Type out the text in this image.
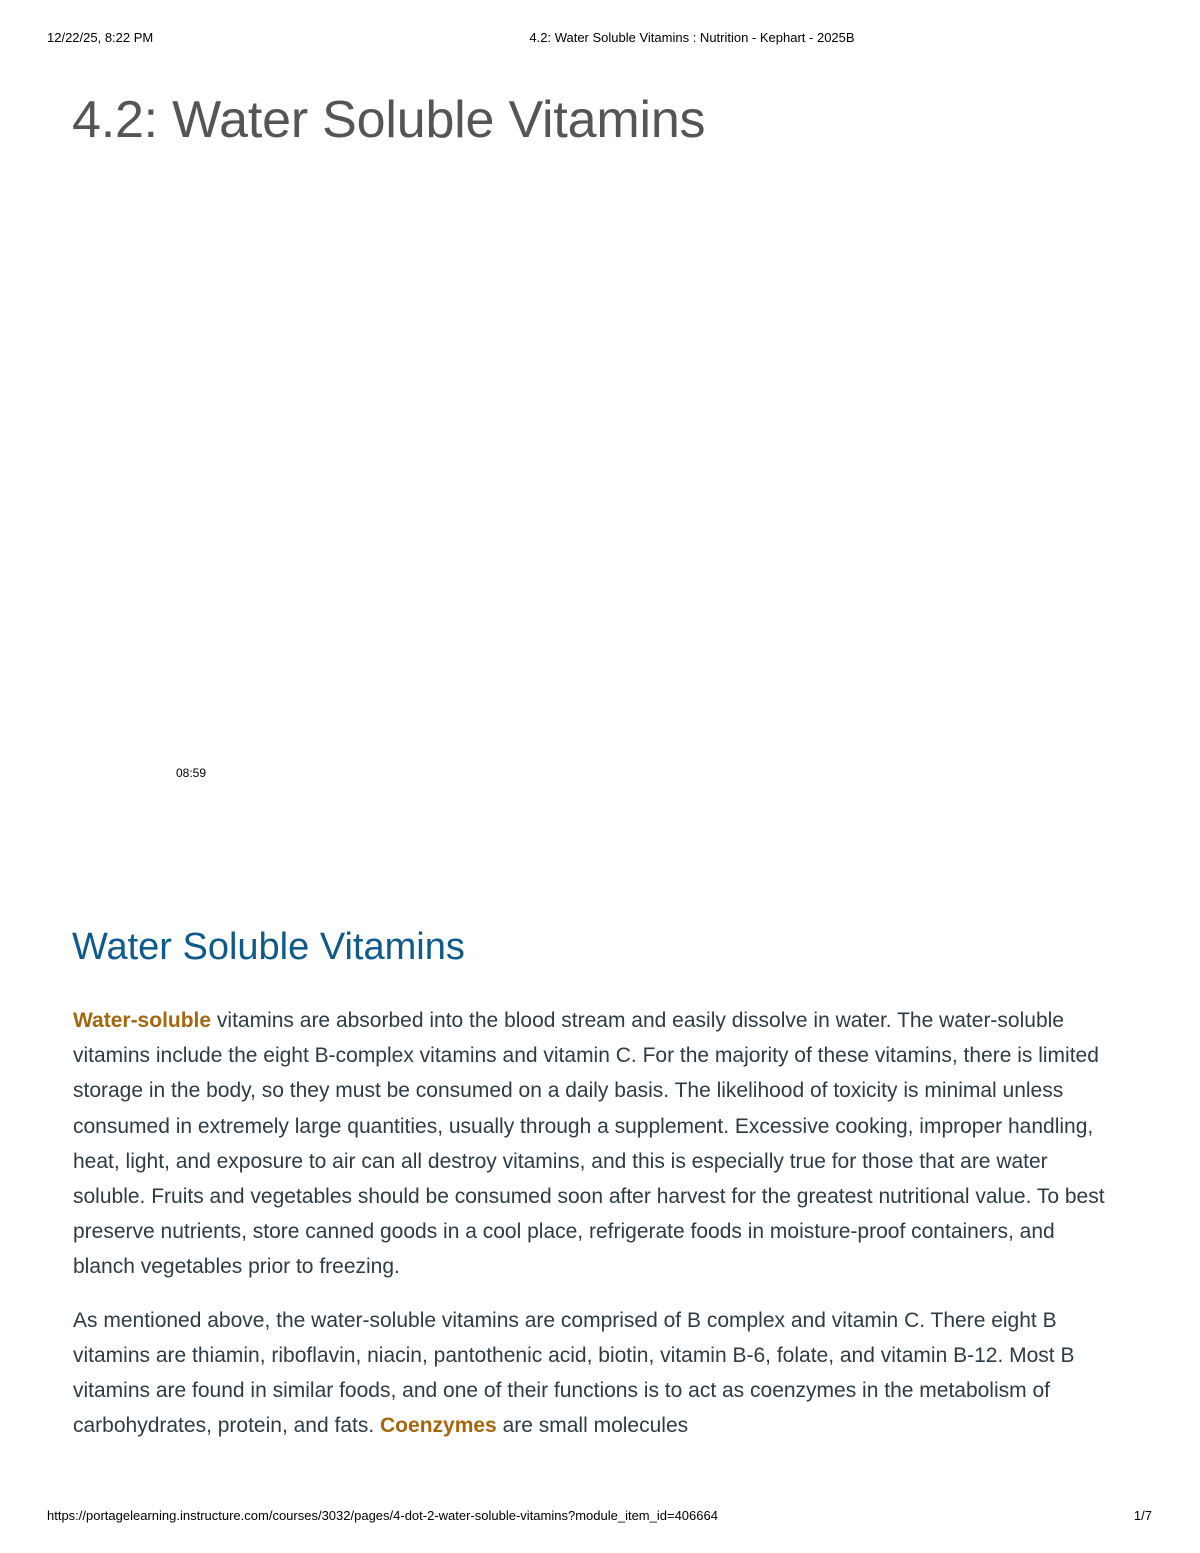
12/22/25, 8:22 PM	4.2: Water Soluble Vitamins : Nutrition - Kephart - 2025B
4.2: Water Soluble Vitamins
08:59
Water Soluble Vitamins

Water-soluble vitamins are absorbed into the blood stream and easily dissolve in water. The water-soluble vitamins include the eight B-complex vitamins and vitamin C. For the majority of these vitamins, there is limited storage in the body, so they must be consumed on a daily basis. The likelihood of toxicity is minimal unless consumed in extremely large quantities, usually through a supplement. Excessive cooking, improper handling, heat, light, and exposure to air can all destroy vitamins, and this is especially true for those that are water soluble. Fruits and vegetables should be consumed soon after harvest for the greatest nutritional value. To best preserve nutrients, store canned goods in a cool place, refrigerate foods in moisture-proof containers, and blanch vegetables prior to freezing.

As mentioned above, the water-soluble vitamins are comprised of B complex and vitamin C. There eight B vitamins are thiamin, riboflavin, niacin, pantothenic acid, biotin, vitamin B-6, folate, and vitamin B-12. Most B vitamins are found in similar foods, and one of their functions is to act as coenzymes in the metabolism of carbohydrates, protein, and fats. Coenzymes are small molecules

https://portagelearning.instructure.com/courses/3032/pages/4-dot-2-water-soluble-vitamins?module_item_id=406664	1/7
